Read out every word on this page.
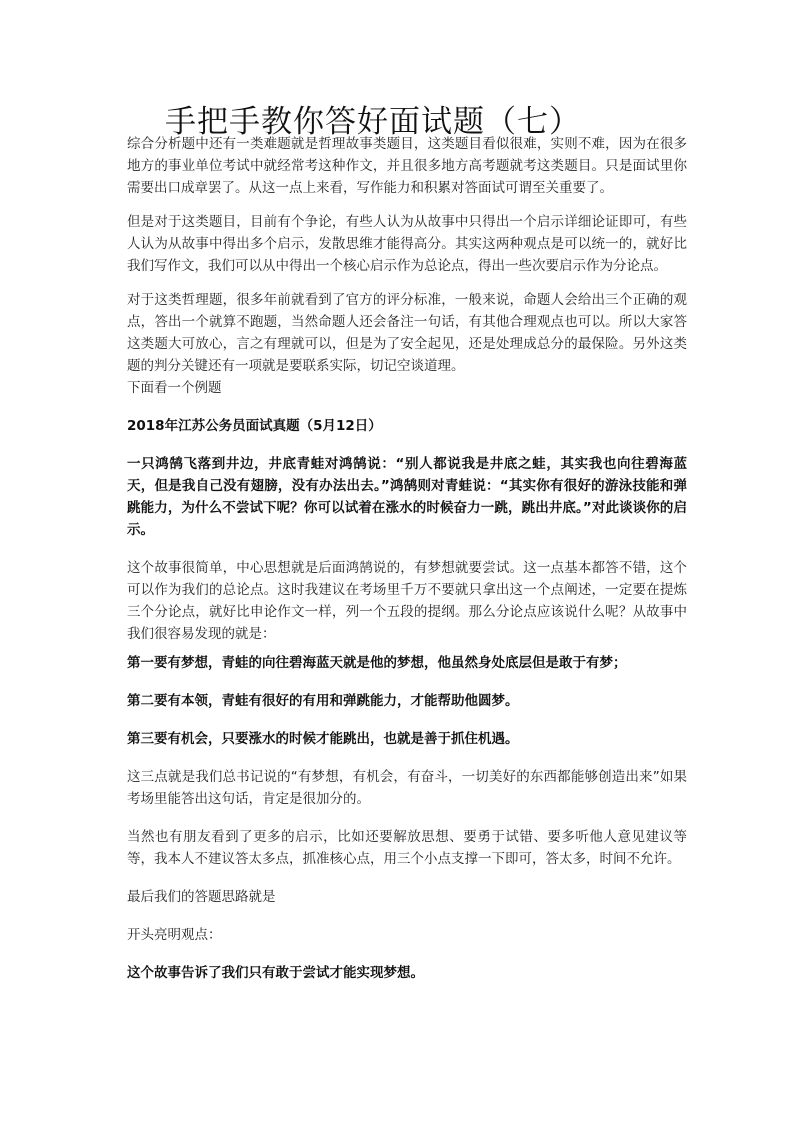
手把手教你答好面试题（七）

综合分析题中还有一类难题就是哲理故事类题目，这类题目看似很难，实则不难，因为在很多地方的事业单位考试中就经常考这种作文，并且很多地方高考题就考这类题目。只是面试里你需要出口成章罢了。从这一点上来看，写作能力和积累对答面试可谓至关重要了。

但是对于这类题目，目前有个争论，有些人认为从故事中只得出一个启示详细论证即可，有些人认为从故事中得出多个启示，发散思维才能得高分。其实这两种观点是可以统一的，就好比我们写作文，我们可以从中得出一个核心启示作为总论点，得出一些次要启示作为分论点。

对于这类哲理题，很多年前就看到了官方的评分标准，一般来说，命题人会给出三个正确的观点，答出一个就算不跑题，当然命题人还会备注一句话，有其他合理观点也可以。所以大家答这类题大可放心，言之有理就可以，但是为了安全起见，还是处理成总分的最保险。另外这类题的判分关键还有一项就是要联系实际，切记空谈道理。

下面看一个例题

2018年江苏公务员面试真题（5月12日）

一只鸿鹄飞落到井边，井底青蛙对鸿鹄说：“别人都说我是井底之蛙，其实我也向往碧海蓝天，但是我自己没有翅膀，没有办法出去。”鸿鹄则对青蛙说：“其实你有很好的游泳技能和弹跳能力，为什么不尝试下呢？你可以试着在涨水的时候奋力一跳，跳出井底。”对此谈谈你的启示。

这个故事很简单，中心思想就是后面鸿鹄说的，有梦想就要尝试。这一点基本都答不错，这个可以作为我们的总论点。这时我建议在考场里千万不要就只拿出这一个点阐述，一定要在提炼三个分论点，就好比申论作文一样，列一个五段的提纲。那么分论点应该说什么呢？从故事中我们很容易发现的就是：

第一要有梦想，青蛙的向往碧海蓝天就是他的梦想，他虽然身处底层但是敢于有梦；

第二要有本领，青蛙有很好的有用和弹跳能力，才能帮助他圆梦。

第三要有机会，只要涨水的时候才能跳出，也就是善于抓住机遇。

这三点就是我们总书记说的“有梦想，有机会，有奋斗，一切美好的东西都能够创造出来”如果考场里能答出这句话，肯定是很加分的。

当然也有朋友看到了更多的启示，比如还要解放思想、要勇于试错、要多听他人意见建议等等，我本人不建议答太多点，抓准核心点，用三个小点支撑一下即可，答太多，时间不允许。

最后我们的答题思路就是

开头亮明观点：

这个故事告诉了我们只有敢于尝试才能实现梦想。
